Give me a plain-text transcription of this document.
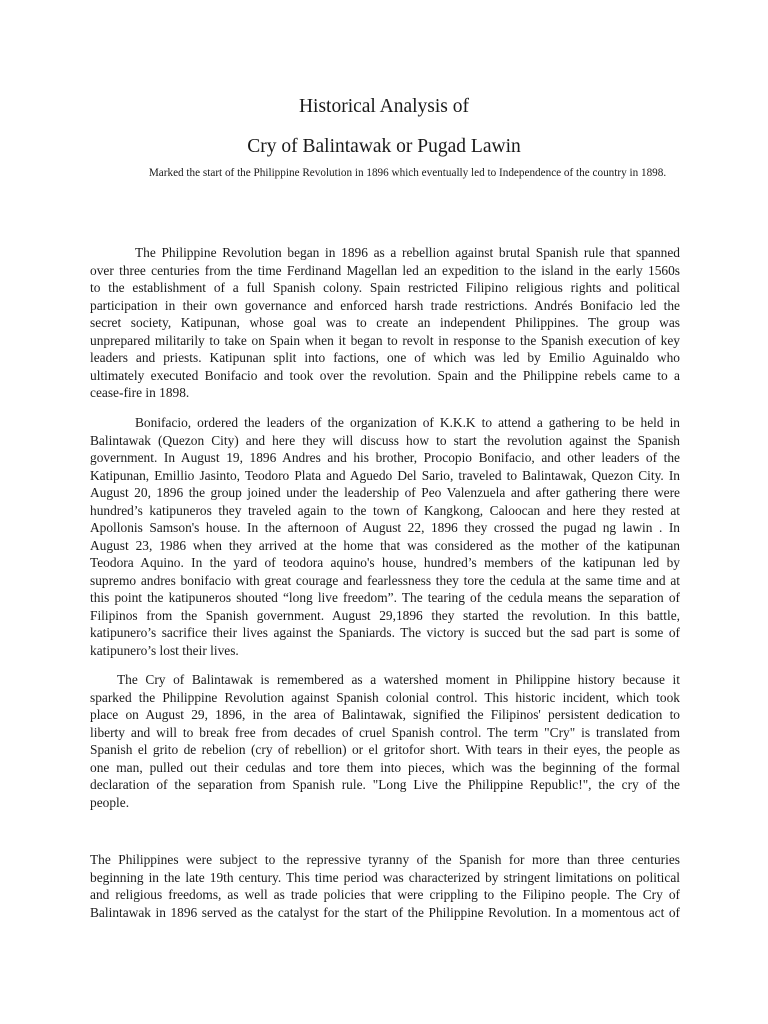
Historical Analysis of
Cry of Balintawak or Pugad Lawin
Marked the start of the Philippine Revolution in 1896 which eventually led to Independence of the country in 1898.
The Philippine Revolution began in 1896 as a rebellion against brutal Spanish rule that spanned
over three centuries from the time Ferdinand Magellan led an expedition to the island in the early 1560s
to the establishment of a full Spanish colony. Spain restricted Filipino religious rights and political
participation in their own governance and enforced harsh trade restrictions. Andrés Bonifacio led the
secret society, Katipunan, whose goal was to create an independent Philippines. The group was
unprepared militarily to take on Spain when it began to revolt in response to the Spanish execution of key
leaders and priests. Katipunan split into factions, one of which was led by Emilio Aguinaldo who
ultimately executed Bonifacio and took over the revolution. Spain and the Philippine rebels came to a
cease-fire in 1898.
Bonifacio, ordered the leaders of the organization of K.K.K to attend a gathering to be held in
Balintawak (Quezon City) and here they will discuss how to start the revolution against the Spanish
government. In August 19, 1896 Andres and his brother, Procopio Bonifacio, and other leaders of the
Katipunan, Emillio Jasinto, Teodoro Plata and Aguedo Del Sario, traveled to Balintawak, Quezon City. In
August 20, 1896 the group joined under the leadership of Peo Valenzuela and after gathering there were
hundred’s katipuneros they traveled again to the town of Kangkong, Caloocan and here they rested at
Apollonis Samson's house. In the afternoon of August 22, 1896 they crossed the pugad ng lawin . In
August 23, 1986 when they arrived at the home that was considered as the mother of the katipunan
Teodora Aquino. In the yard of teodora aquino's house, hundred’s members of the katipunan led by
supremo andres bonifacio with great courage and fearlessness they tore the cedula at the same time and at
this point the katipuneros shouted “long live freedom”. The tearing of the cedula means the separation of
Filipinos from the Spanish government. August 29,1896 they started the revolution. In this battle,
katipunero’s sacrifice their lives against the Spaniards. The victory is succed but the sad part is some of
katipunero’s lost their lives.
The Cry of Balintawak is remembered as a watershed moment in Philippine history because it
sparked the Philippine Revolution against Spanish colonial control. This historic incident, which took
place on August 29, 1896, in the area of Balintawak, signified the Filipinos' persistent dedication to
liberty and will to break free from decades of cruel Spanish control. The term "Cry" is translated from
Spanish el grito de rebelion (cry of rebellion) or el gritofor short. With tears in their eyes, the people as
one man, pulled out their cedulas and tore them into pieces, which was the beginning of the formal
declaration of the separation from Spanish rule. "Long Live the Philippine Republic!", the cry of the
people.
The Philippines were subject to the repressive tyranny of the Spanish for more than three centuries
beginning in the late 19th century. This time period was characterized by stringent limitations on political
and religious freedoms, as well as trade policies that were crippling to the Filipino people. The Cry of
Balintawak in 1896 served as the catalyst for the start of the Philippine Revolution. In a momentous act of
